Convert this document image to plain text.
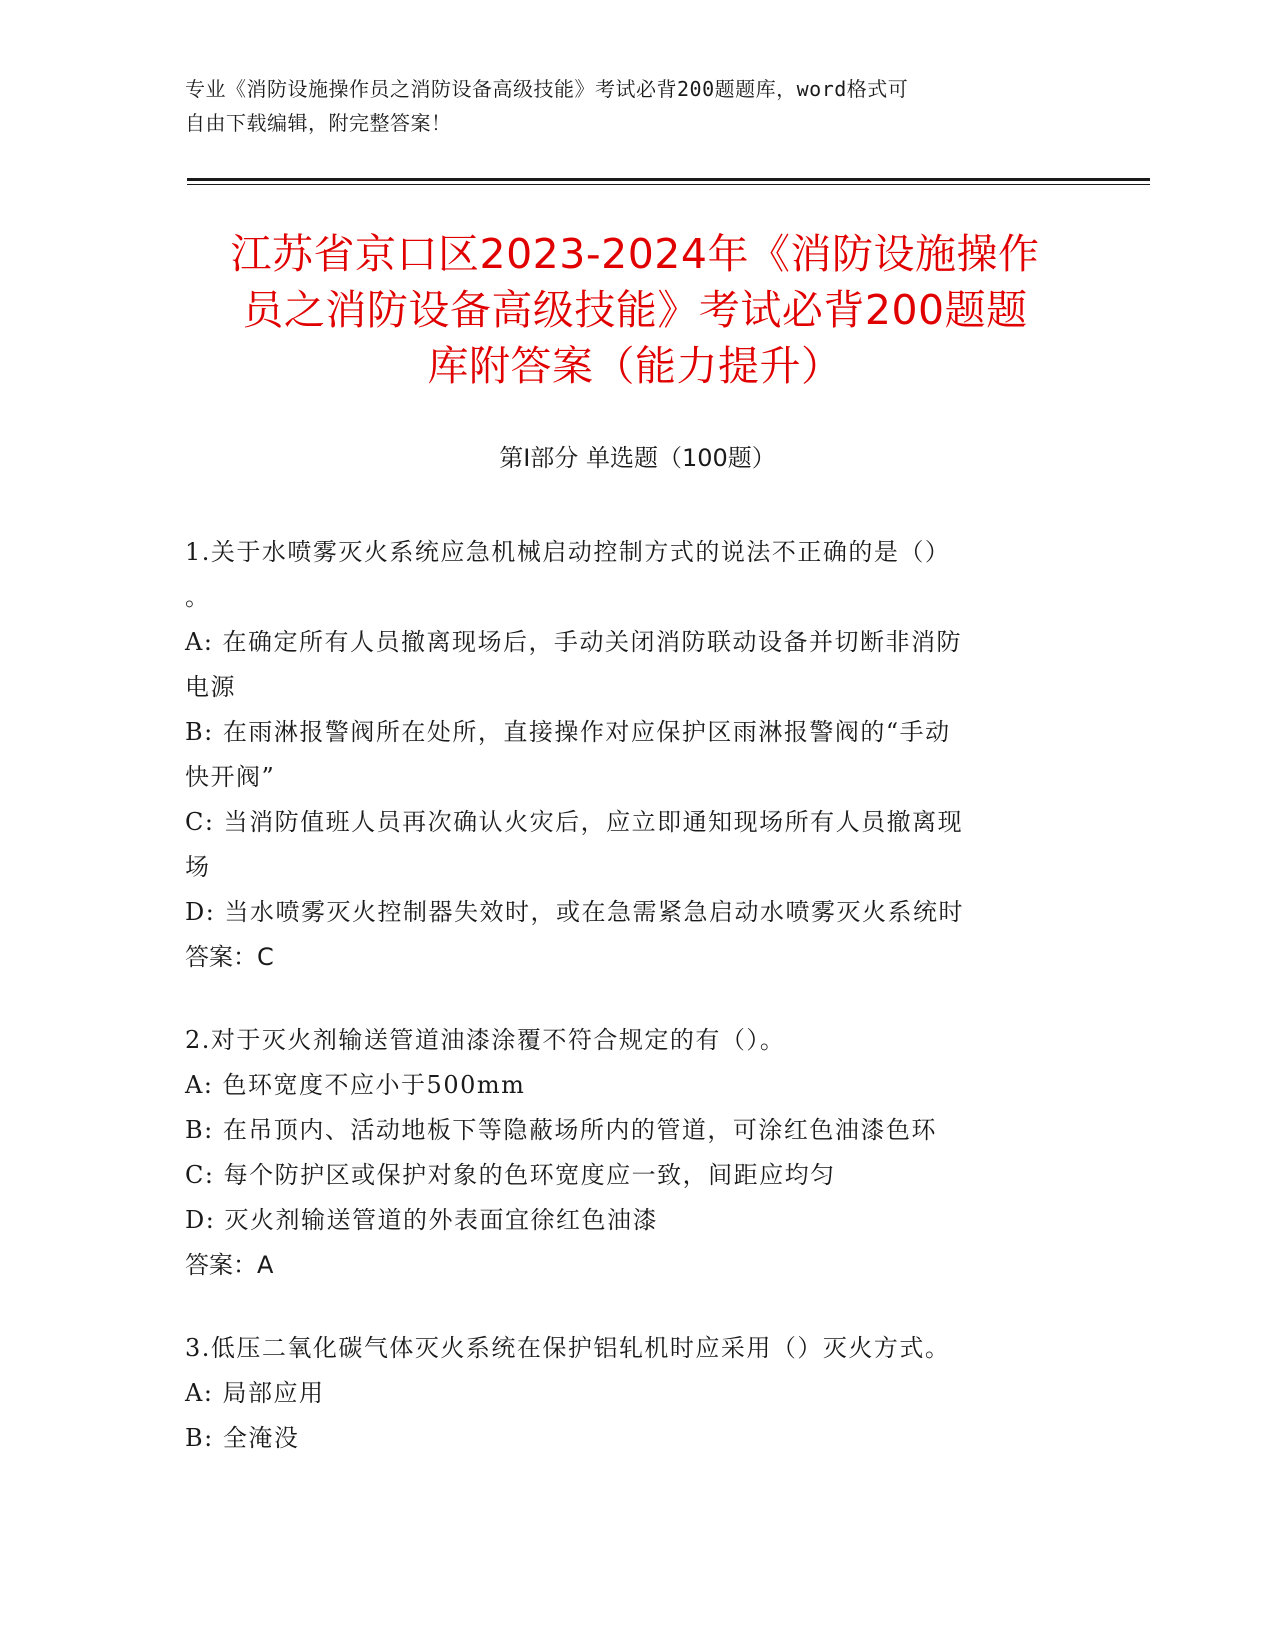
专业《消防设施操作员之消防设备高级技能》考试必背200题题库，word格式可
自由下载编辑，附完整答案！
江苏省京口区2023-2024年《消防设施操作
员之消防设备高级技能》考试必背200题题
库附答案（能力提升）
第I部分 单选题（100题）
1.关于水喷雾灭火系统应急机械启动控制方式的说法不正确的是（）
。
A: 在确定所有人员撤离现场后，手动关闭消防联动设备并切断非消防
电源
B: 在雨淋报警阀所在处所，直接操作对应保护区雨淋报警阀的“手动
快开阀”
C: 当消防值班人员再次确认火灾后，应立即通知现场所有人员撤离现
场
D: 当水喷雾灭火控制器失效时，或在急需紧急启动水喷雾灭火系统时
答案：C
2.对于灭火剂输送管道油漆涂覆不符合规定的有（）。
A: 色环宽度不应小于500mm
B: 在吊顶内、活动地板下等隐蔽场所内的管道，可涂红色油漆色环
C: 每个防护区或保护对象的色环宽度应一致，间距应均匀
D: 灭火剂输送管道的外表面宜徐红色油漆
答案：A
3.低压二氧化碳气体灭火系统在保护铝轧机时应采用（）灭火方式。
A: 局部应用
B: 全淹没
